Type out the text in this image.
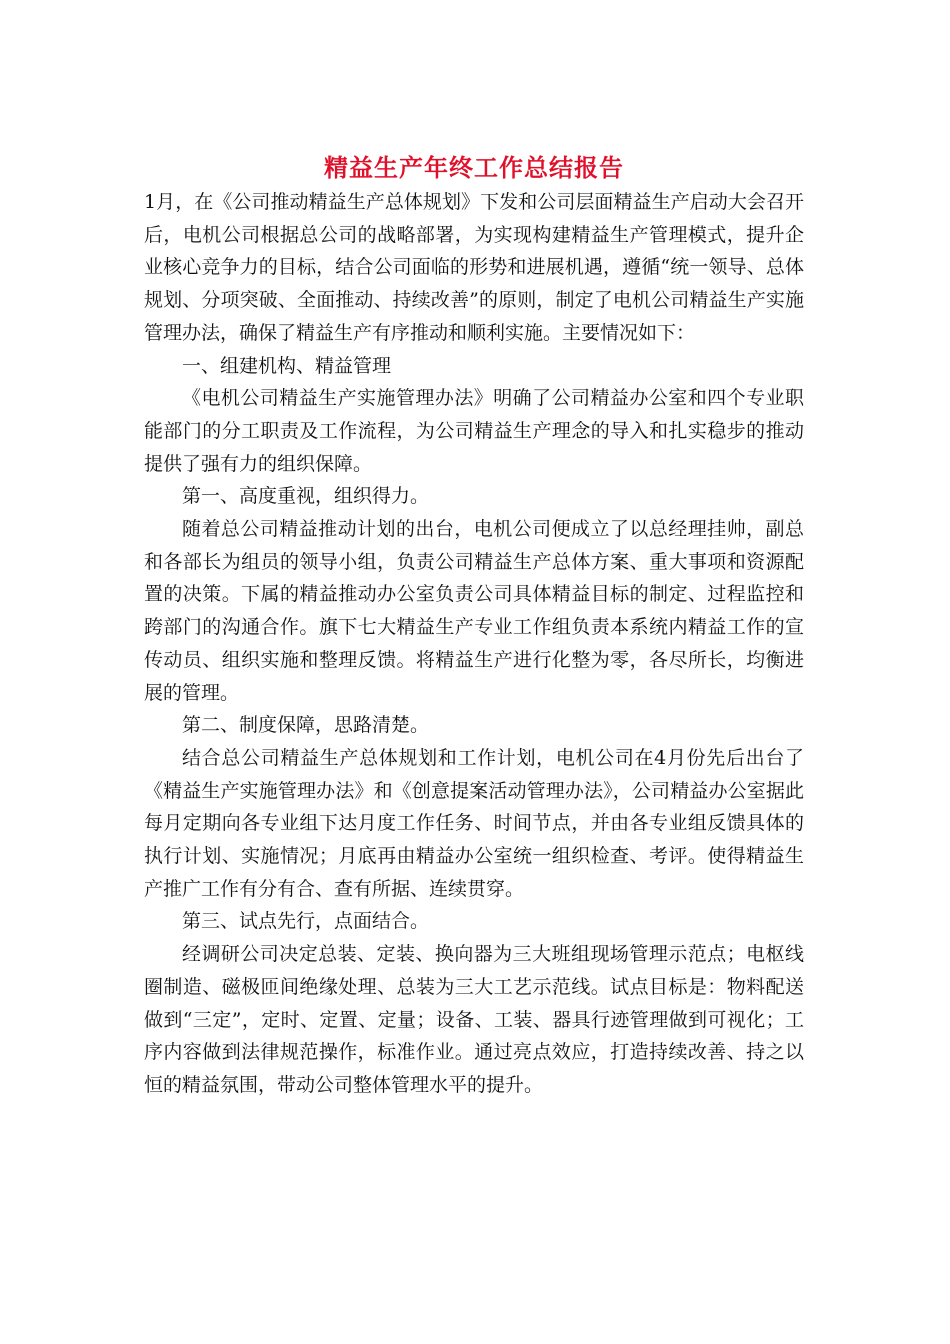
精益生产年终工作总结报告

1月，在《公司推动精益生产总体规划》下发和公司层面精益生产启动大会召开后，电机公司根据总公司的战略部署，为实现构建精益生产管理模式，提升企业核心竞争力的目标，结合公司面临的形势和进展机遇，遵循“统一领导、总体规划、分项突破、全面推动、持续改善”的原则，制定了电机公司精益生产实施管理办法，确保了精益生产有序推动和顺利实施。主要情况如下：

一、组建机构、精益管理

《电机公司精益生产实施管理办法》明确了公司精益办公室和四个专业职能部门的分工职责及工作流程，为公司精益生产理念的导入和扎实稳步的推动提供了强有力的组织保障。

第一、高度重视，组织得力。

随着总公司精益推动计划的出台，电机公司便成立了以总经理挂帅，副总和各部长为组员的领导小组，负责公司精益生产总体方案、重大事项和资源配置的决策。下属的精益推动办公室负责公司具体精益目标的制定、过程监控和跨部门的沟通合作。旗下七大精益生产专业工作组负责本系统内精益工作的宣传动员、组织实施和整理反馈。将精益生产进行化整为零，各尽所长，均衡进展的管理。

第二、制度保障，思路清楚。

结合总公司精益生产总体规划和工作计划，电机公司在4月份先后出台了《精益生产实施管理办法》和《创意提案活动管理办法》，公司精益办公室据此每月定期向各专业组下达月度工作任务、时间节点，并由各专业组反馈具体的执行计划、实施情况；月底再由精益办公室统一组织检查、考评。使得精益生产推广工作有分有合、查有所据、连续贯穿。

第三、试点先行，点面结合。

经调研公司决定总装、定装、换向器为三大班组现场管理示范点；电枢线圈制造、磁极匝间绝缘处理、总装为三大工艺示范线。试点目标是：物料配送做到“三定”，定时、定置、定量；设备、工装、器具行迹管理做到可视化；工序内容做到法律规范操作，标准作业。通过亮点效应，打造持续改善、持之以恒的精益氛围，带动公司整体管理水平的提升。
